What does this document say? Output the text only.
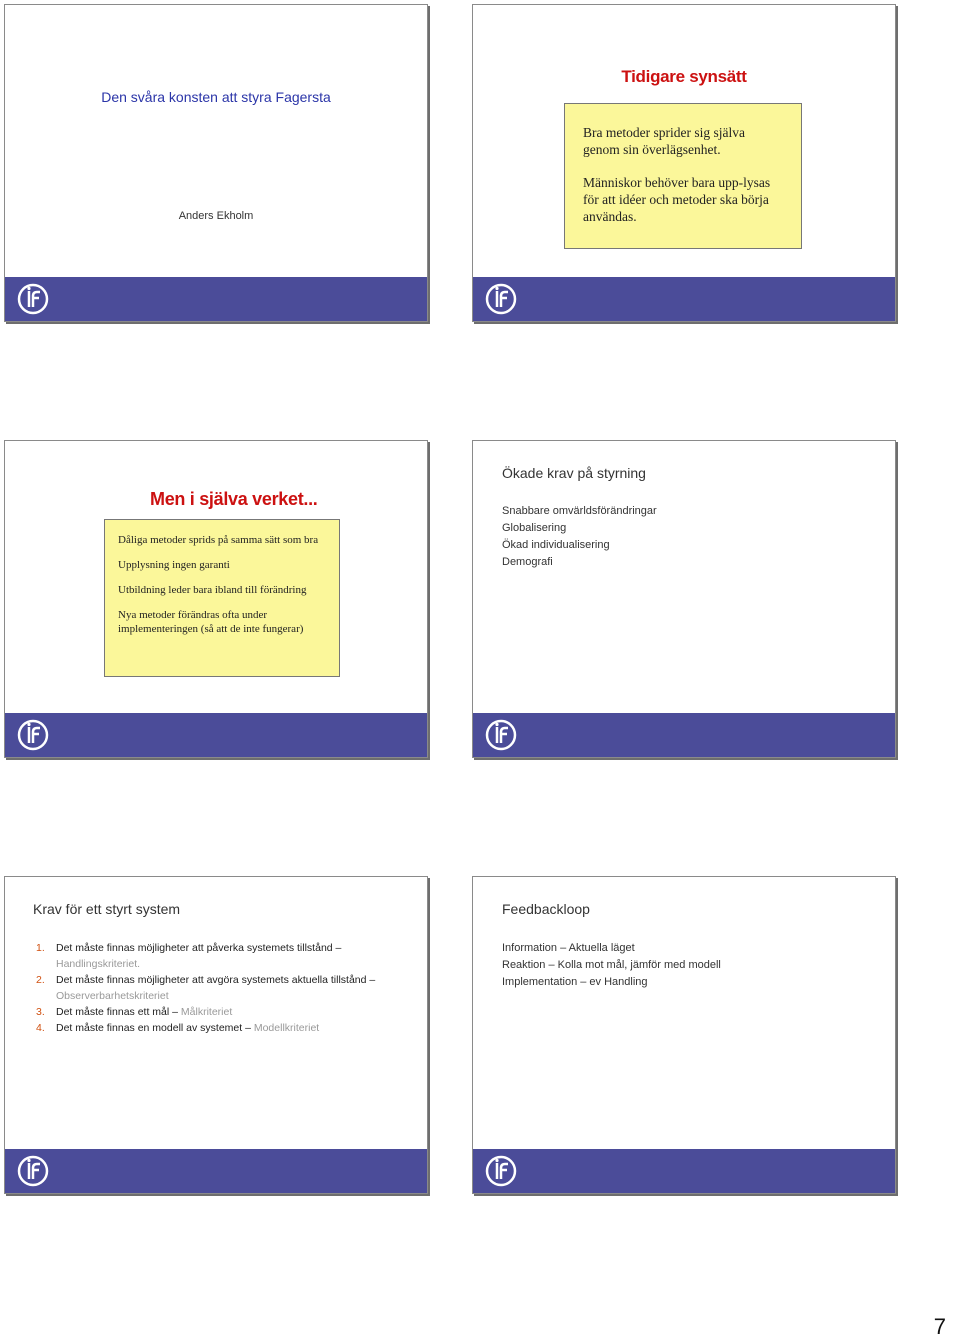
Den svåra konsten att styra Fagersta
Anders Ekholm
Tidigare synsätt
Bra metoder sprider sig själva genom sin överlägsenhet.
Människor behöver bara upp-lysas för att idéer och metoder ska börja användas.
Men i själva verket...
Dåliga metoder sprids på samma sätt som bra
Upplysning ingen garanti
Utbildning leder bara ibland till förändring
Nya metoder förändras ofta under implementeringen (så att de inte fungerar)
Ökade krav på styrning
Snabbare omvärldsförändringar
Globalisering
Ökad individualisering
Demografi
Krav för ett styrt system
1.	Det måste finnas möjligheter att påverka systemets tillstånd –
Handlingskriteriet.
2.	Det måste finnas möjligheter att avgöra systemets aktuella tillstånd –
Observerbarhetskriteriet
3.	Det måste finnas ett mål – Målkriteriet
4.	Det måste finnas en modell av systemet – Modellkriteriet
Feedbackloop
Information – Aktuella läget
Reaktion – Kolla mot mål, jämför med modell
Implementation – ev Handling
7
